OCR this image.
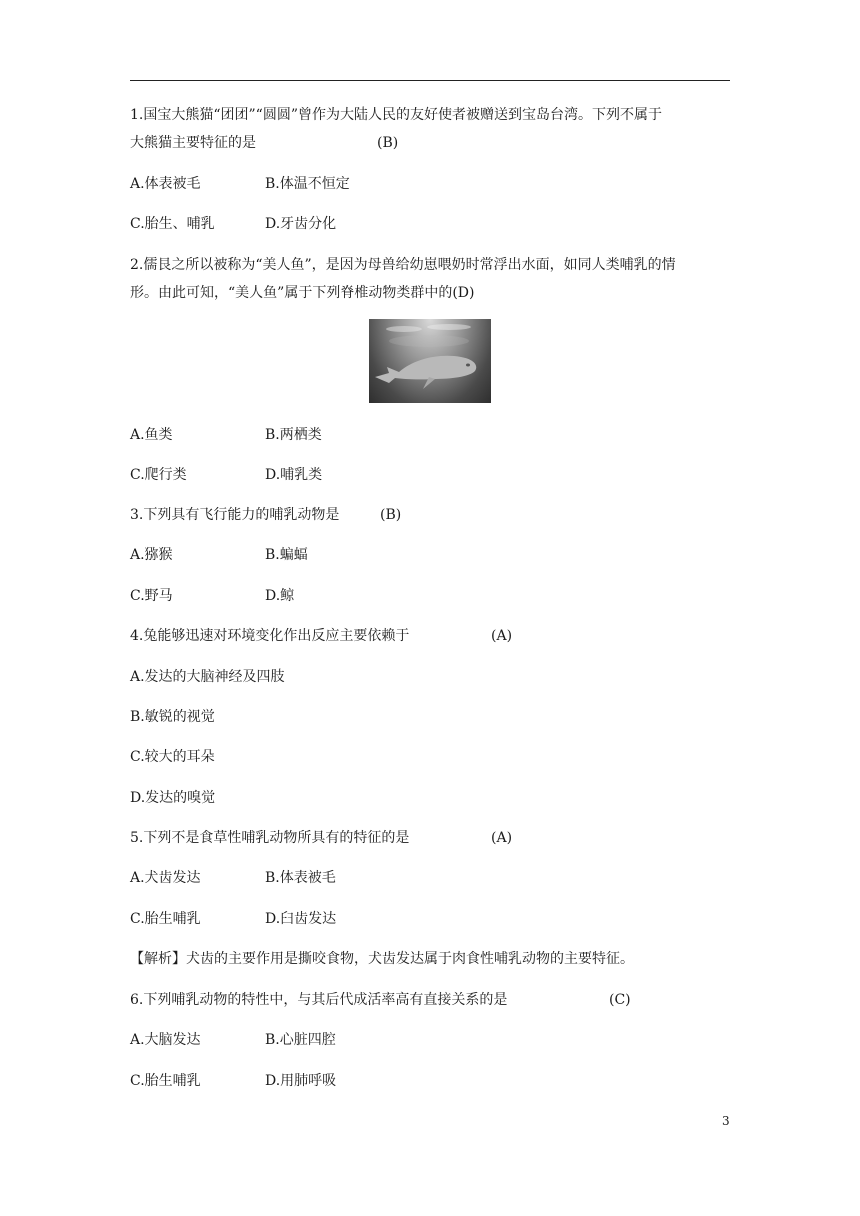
1.国宝大熊猫“团团”“圆圆”曾作为大陆人民的友好使者被赠送到宝岛台湾。下列不属于
大熊猫主要特征的是	(B)
A.体表被毛	B.体温不恒定
C.胎生、哺乳	D.牙齿分化
2.儒艮之所以被称为“美人鱼”，是因为母兽给幼崽喂奶时常浮出水面，如同人类哺乳的情
形。由此可知，“美人鱼”属于下列脊椎动物类群中的(D)
A.鱼类	B.两栖类
C.爬行类	D.哺乳类
3.下列具有飞行能力的哺乳动物是	(B)
A.猕猴	B.蝙蝠
C.野马	D.鲸
4.兔能够迅速对环境变化作出反应主要依赖于	(A)
A.发达的大脑神经及四肢
B.敏锐的视觉
C.较大的耳朵
D.发达的嗅觉
5.下列不是食草性哺乳动物所具有的特征的是	(A)
A.犬齿发达	B.体表被毛
C.胎生哺乳	D.臼齿发达
【解析】犬齿的主要作用是撕咬食物，犬齿发达属于肉食性哺乳动物的主要特征。
6.下列哺乳动物的特性中，与其后代成活率高有直接关系的是	(C)
A.大脑发达	B.心脏四腔
C.胎生哺乳	D.用肺呼吸
3
